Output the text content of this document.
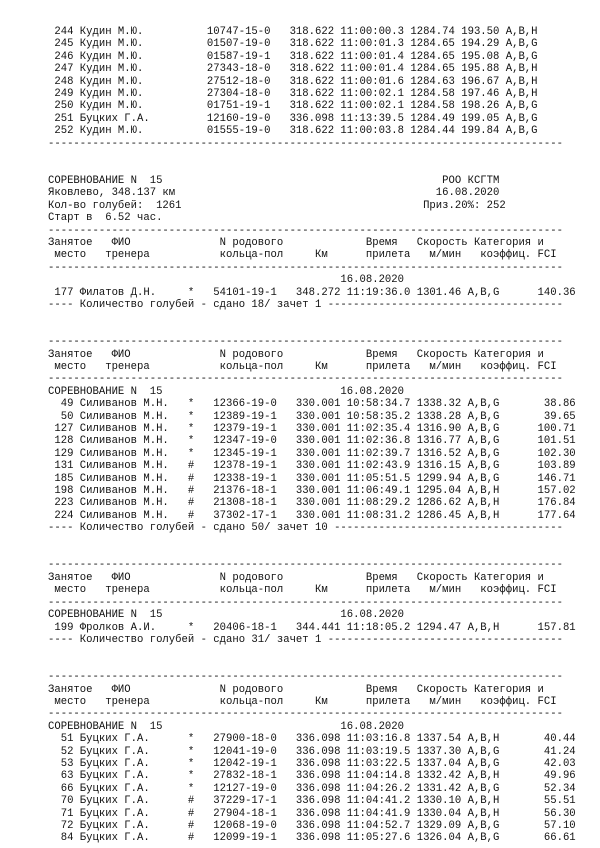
244 Кудин М.Ю.          10747-15-0   318.622 11:00:00.3 1284.74 193.50 A,B,H
245 Кудин М.Ю.          01507-19-0   318.622 11:00:01.3 1284.65 194.29 A,B,G
246 Кудин М.Ю.          01587-19-1   318.622 11:00:01.4 1284.65 195.08 A,B,G
247 Кудин М.Ю.          27343-18-0   318.622 11:00:01.4 1284.65 195.88 A,B,H
248 Кудин М.Ю.          27512-18-0   318.622 11:00:01.6 1284.63 196.67 A,B,H
249 Кудин М.Ю.          27304-18-0   318.622 11:00:02.1 1284.58 197.46 A,B,H
250 Кудин М.Ю.          01751-19-1   318.622 11:00:02.1 1284.58 198.26 A,B,G
251 Буцких Г.А.         12160-19-0   336.098 11:13:39.5 1284.49 199.05 A,B,G
252 Кудин М.Ю.          01555-19-0   318.622 11:00:03.8 1284.44 199.84 A,B,G
---------------------------------------------------------------------------------

СОРЕВНОВАНИЕ N  15                                            РОО КСГТМ
Яковлево, 348.137 км                                         16.08.2020
Кол-во голубей:  1261                                      Приз.20%: 252
Старт в  6.52 час.
---------------------------------------------------------------------------------
Занятое   ФИО              N родового             Время   Скорость Категория и
место   тренера           кольца-пол     Км      прилета   м/мин   коэффиц. FCI
---------------------------------------------------------------------------------
16.08.2020
177 Филатов Д.Н.     *   54101-19-1   348.272 11:19:36.0 1301.46 A,B,G      140.36
---- Количество голубей - сдано 18/ зачет 1 -------------------------------------

---------------------------------------------------------------------------------
Занятое   ФИО              N родового             Время   Скорость Категория и
место   тренера           кольца-пол     Км      прилета   м/мин   коэффиц. FCI
---------------------------------------------------------------------------------
СОРЕВНОВАНИЕ N  15                            16.08.2020
49 Силиванов М.Н.   *   12366-19-0   330.001 10:58:34.7 1338.32 A,B,G       38.86
50 Силиванов М.Н.   *   12389-19-1   330.001 10:58:35.2 1338.28 A,B,G       39.65
127 Силиванов М.Н.   *   12379-19-1   330.001 11:02:35.4 1316.90 A,B,G      100.71
128 Силиванов М.Н.   *   12347-19-0   330.001 11:02:36.8 1316.77 A,B,G      101.51
129 Силиванов М.Н.   *   12345-19-1   330.001 11:02:39.7 1316.52 A,B,G      102.30
131 Силиванов М.Н.   #   12378-19-1   330.001 11:02:43.9 1316.15 A,B,G      103.89
185 Силиванов М.Н.   #   12338-19-1   330.001 11:05:51.5 1299.94 A,B,G      146.71
198 Силиванов М.Н.   #   21376-18-1   330.001 11:06:49.1 1295.04 A,B,H      157.02
223 Силиванов М.Н.   #   21308-18-1   330.001 11:08:29.2 1286.62 A,B,H      176.84
224 Силиванов М.Н.   #   37302-17-1   330.001 11:08:31.2 1286.45 A,B,H      177.64
---- Количество голубей - сдано 50/ зачет 10 ------------------------------------

---------------------------------------------------------------------------------
Занятое   ФИО              N родового             Время   Скорость Категория и
место   тренера           кольца-пол     Км      прилета   м/мин   коэффиц. FCI
---------------------------------------------------------------------------------
СОРЕВНОВАНИЕ N  15                            16.08.2020
199 Фролков А.И.     *   20406-18-1   344.441 11:18:05.2 1294.47 A,B,H      157.81
---- Количество голубей - сдано 31/ зачет 1 -------------------------------------

---------------------------------------------------------------------------------
Занятое   ФИО              N родового             Время   Скорость Категория и
место   тренера           кольца-пол     Км      прилета   м/мин   коэффиц. FCI
---------------------------------------------------------------------------------
СОРЕВНОВАНИЕ N  15                            16.08.2020
51 Буцких Г.А.      *   27900-18-0   336.098 11:03:16.8 1337.54 A,B,H       40.44
52 Буцких Г.А.      *   12041-19-0   336.098 11:03:19.5 1337.30 A,B,G       41.24
53 Буцких Г.А.      *   12042-19-1   336.098 11:03:22.5 1337.04 A,B,G       42.03
63 Буцких Г.А.      *   27832-18-1   336.098 11:04:14.8 1332.42 A,B,H       49.96
66 Буцких Г.А.      *   12127-19-0   336.098 11:04:26.2 1331.42 A,B,G       52.34
70 Буцких Г.А.      #   37229-17-1   336.098 11:04:41.2 1330.10 A,B,H       55.51
71 Буцких Г.А.      #   27904-18-1   336.098 11:04:41.9 1330.04 A,B,H       56.30
72 Буцких Г.А.      #   12068-19-0   336.098 11:04:52.7 1329.09 A,B,G       57.10
84 Буцких Г.А.      #   12099-19-1   336.098 11:05:27.6 1326.04 A,B,G       66.61
